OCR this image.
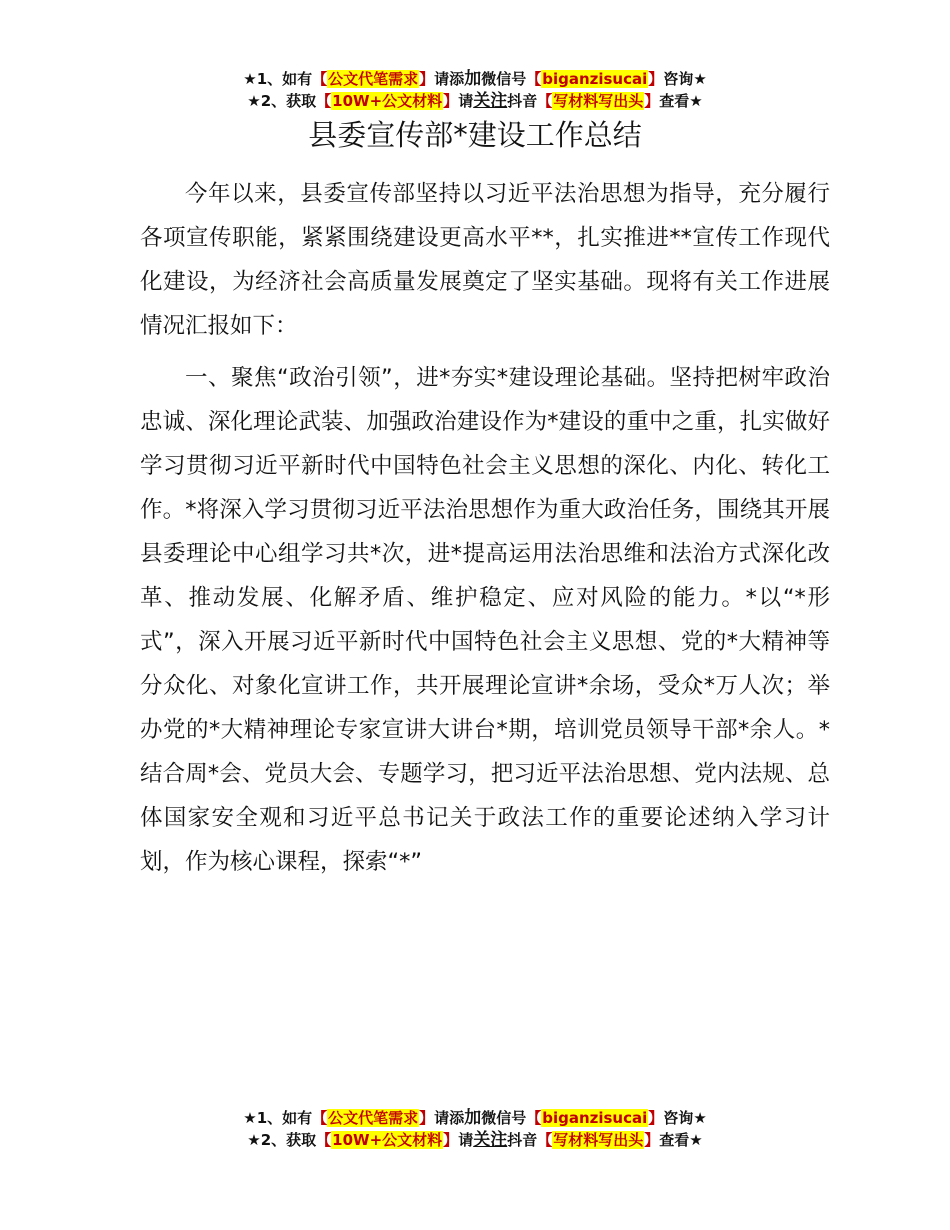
★1、如有【公文代笔需求】请添加微信号【biganzisucai】咨询★
★2、获取【10W+公文材料】请关注抖音【写材料写出头】查看★
县委宣传部*建设工作总结

今年以来，县委宣传部坚持以习近平法治思想为指导，充分履行各项宣传职能，紧紧围绕建设更高水平**，扎实推进**宣传工作现代化建设，为经济社会高质量发展奠定了坚实基础。现将有关工作进展情况汇报如下：

一、聚焦“政治引领”，进*夯实*建设理论基础。坚持把树牢政治忠诚、深化理论武装、加强政治建设作为*建设的重中之重，扎实做好学习贯彻习近平新时代中国特色社会主义思想的深化、内化、转化工作。*将深入学习贯彻习近平法治思想作为重大政治任务，围绕其开展县委理论中心组学习共*次，进*提高运用法治思维和法治方式深化改革、推动发展、化解矛盾、维护稳定、应对风险的能力。*以“*形式”，深入开展习近平新时代中国特色社会主义思想、党的*大精神等分众化、对象化宣讲工作，共开展理论宣讲*余场，受众*万人次；举办党的*大精神理论专家宣讲大讲台*期，培训党员领导干部*余人。*结合周*会、党员大会、专题学习，把习近平法治思想、党内法规、总体国家安全观和习近平总书记关于政法工作的重要论述纳入学习计划，作为核心课程，探索“*”

★1、如有【公文代笔需求】请添加微信号【biganzisucai】咨询★
★2、获取【10W+公文材料】请关注抖音【写材料写出头】查看★
